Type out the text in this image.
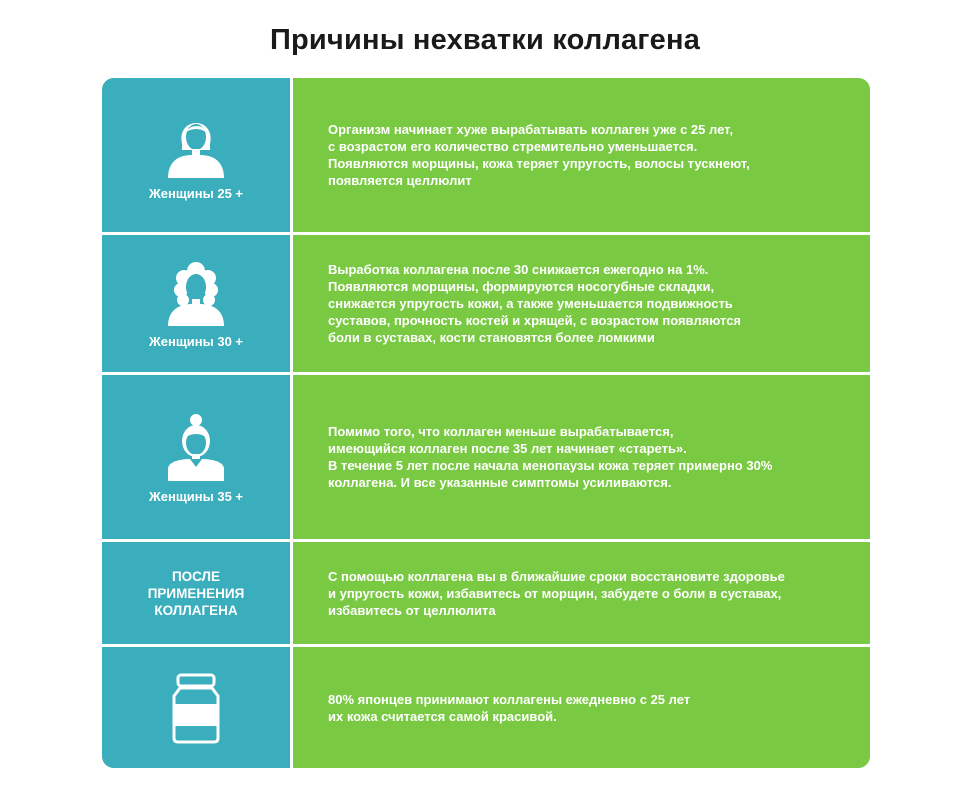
Причины нехватки коллагена
Женщины 25 +
Организм начинает хуже вырабатывать коллаген уже с 25 лет,
с возрастом его количество стремительно уменьшается.
Появляются морщины, кожа теряет упругость, волосы тускнеют,
появляется целлюлит
Женщины 30 +
Выработка коллагена после 30 снижается ежегодно на 1%.
Появляются морщины, формируются носогубные складки,
снижается упругость кожи, а также уменьшается подвижность
суставов, прочность костей и хрящей, с возрастом появляются
боли в суставах, кости становятся более ломкими
Женщины 35 +
Помимо того, что коллаген меньше вырабатывается,
имеющийся коллаген после 35 лет начинает «стареть».
В течение 5 лет после начала менопаузы кожа теряет примерно 30%
коллагена. И все указанные симптомы усиливаются.
ПОСЛЕ
ПРИМЕНЕНИЯ
КОЛЛАГЕНА
С помощью коллагена вы в ближайшие сроки восстановите здоровье
и упругость кожи, избавитесь от морщин, забудете о боли в суставах,
избавитесь от целлюлита
80% японцев принимают коллагены ежедневно с 25 лет
их кожа считается самой красивой.
